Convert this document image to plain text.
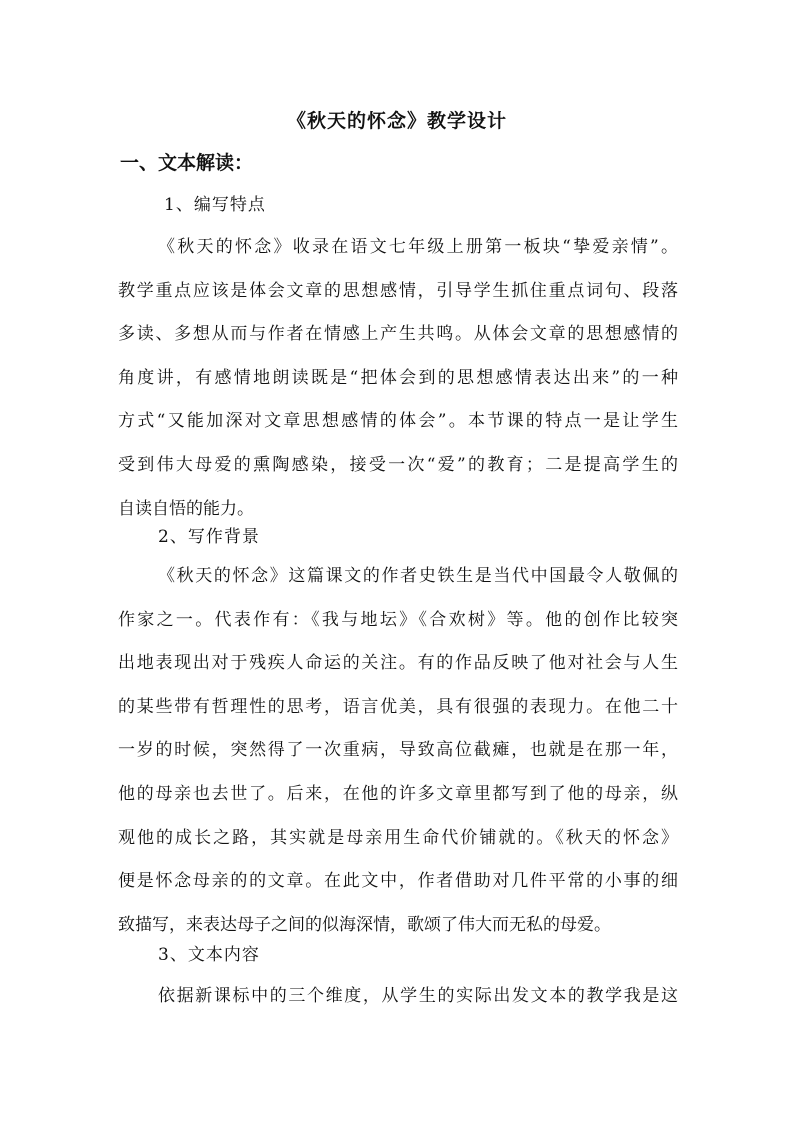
《秋天的怀念》教学设计
一、文本解读：
1、编写特点
《秋天的怀念》收录在语文七年级上册第一板块“挚爱亲情”。
教学重点应该是体会文章的思想感情，引导学生抓住重点词句、段落
多读、多想从而与作者在情感上产生共鸣。从体会文章的思想感情的
角度讲，有感情地朗读既是“把体会到的思想感情表达出来”的一种
方式“又能加深对文章思想感情的体会”。本节课的特点一是让学生
受到伟大母爱的熏陶感染，接受一次“爱”的教育；二是提高学生的
自读自悟的能力。
2、写作背景
《秋天的怀念》这篇课文的作者史铁生是当代中国最令人敬佩的
作家之一。代表作有：《我与地坛》《合欢树》等。他的创作比较突
出地表现出对于残疾人命运的关注。有的作品反映了他对社会与人生
的某些带有哲理性的思考，语言优美，具有很强的表现力。在他二十
一岁的时候，突然得了一次重病，导致高位截瘫，也就是在那一年，
他的母亲也去世了。后来，在他的许多文章里都写到了他的母亲，纵
观他的成长之路，其实就是母亲用生命代价铺就的。《秋天的怀念》
便是怀念母亲的的文章。在此文中，作者借助对几件平常的小事的细
致描写，来表达母子之间的似海深情，歌颂了伟大而无私的母爱。
3、文本内容
依据新课标中的三个维度，从学生的实际出发文本的教学我是这
